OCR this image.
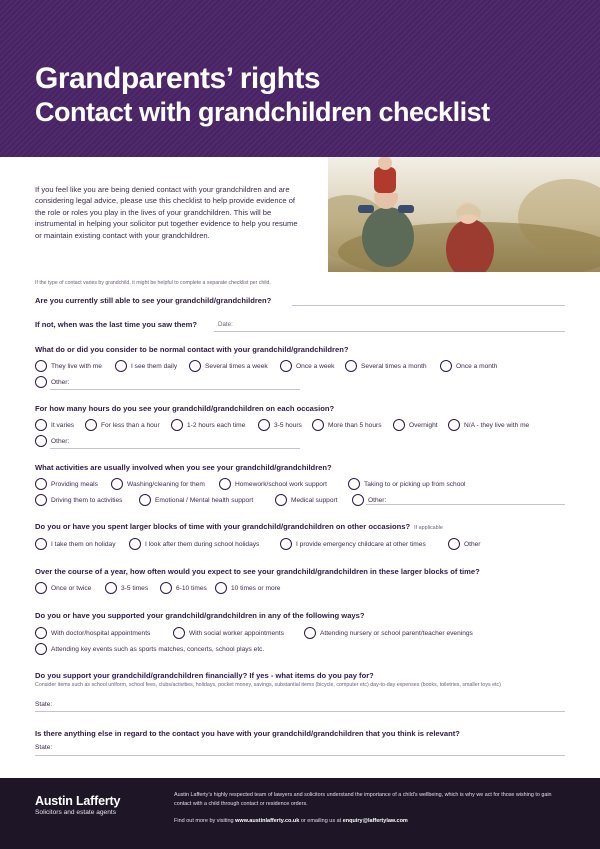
Grandparents’ rights
Contact with grandchildren checklist
If you feel like you are being denied contact with your grandchildren and are considering legal advice, please use this checklist to help provide evidence of the role or roles you play in the lives of your grandchildren. This will be instrumental in helping your solicitor put together evidence to help you resume or maintain existing contact with your grandchildren.
If the type of contact varies by grandchild, it might be helpful to complete a separate checklist per child.
Are you currently still able to see your grandchild/grandchildren?
If not, when was the last time you saw them?	Date:
What do or did you consider to be normal contact with your grandchild/grandchildren?
They live with me	I see them daily	Several times a week	Once a week	Several times a month	Once a month
Other:
For how many hours do you see your grandchild/grandchildren on each occasion?
It varies	For less than a hour	1-2 hours each time	3-5 hours	More than 5 hours	Overnight	N/A - they live with me
Other:
What activities are usually involved when you see your grandchild/grandchildren?
Providing meals	Washing/cleaning for them	Homework/school work support	Taking to or picking up from school
Driving them to activities	Emotional / Mental health support	Medical support	Other:
Do you or have you spent larger blocks of time with your grandchild/grandchildren on other occasions? If applicable
I take them on holiday	I look after them during school holidays	I provide emergency childcare at other times	Other
Over the course of a year, how often would you expect to see your grandchild/grandchildren in these larger blocks of time?
Once or twice	3-5 times	6-10 times	10 times or more
Do you or have you supported your grandchild/grandchildren in any of the following ways?
With doctor/hospital appointments	With social worker appointments	Attending nursery or school parent/teacher evenings
Attending key events such as sports matches, concerts, school plays etc.
Do you support your grandchild/grandchildren financially? If yes - what items do you pay for?
Consider items such as school uniform, school fees, clubs/activities, holidays, pocket money, savings, substantial items (bicycle, computer etc) day-to-day expenses (books, toiletries, smaller toys etc)
State:
Is there anything else in regard to the contact you have with your grandchild/grandchildren that you think is relevant?
State:
Austin Lafferty
Solicitors and estate agents
Austin Lafferty’s highly respected team of lawyers and solicitors understand the importance of a child’s wellbeing, which is why we act for those wishing to gain contact with a child through contact or residence orders.
Find out more by visiting www.austinlafferty.co.uk or emailing us at enquiry@laffertylaw.com
